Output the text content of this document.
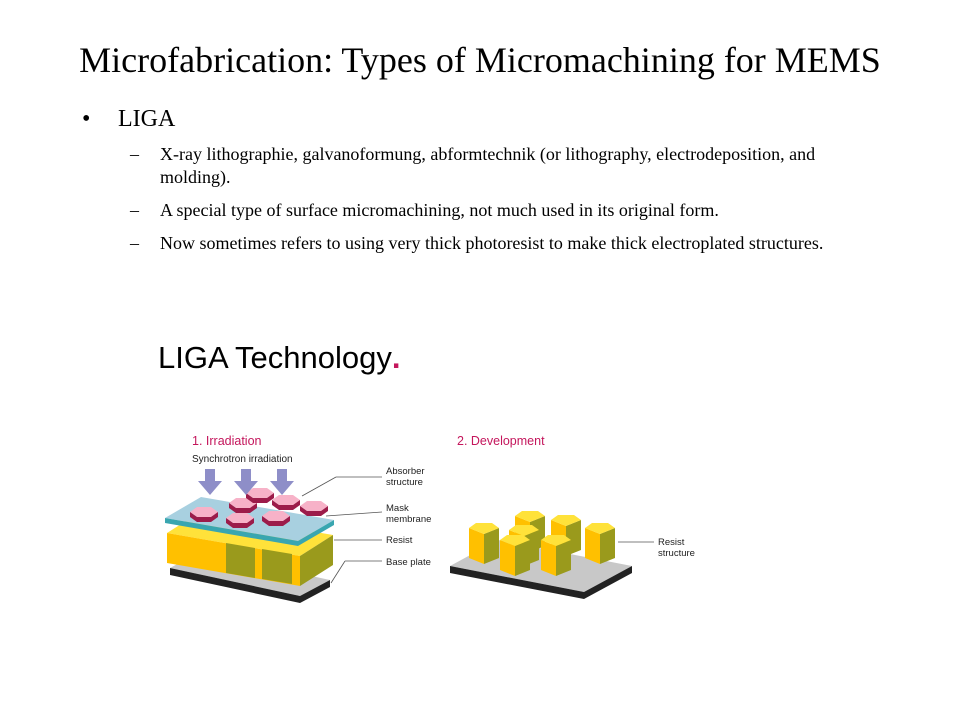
Microfabrication: Types of Micromachining for MEMS
• LIGA
– X-ray lithographie, galvanoformung, abformtechnik (or lithography, electrodeposition, and molding).
– A special type of surface micromachining, not much used in its original form.
– Now sometimes refers to using very thick photoresist to make thick electroplated structures.
LIGA Technology.
1. Irradiation
Synchrotron irradiation
Absorber structure
Mask membrane
Resist
Base plate
2. Development
Resist structure
